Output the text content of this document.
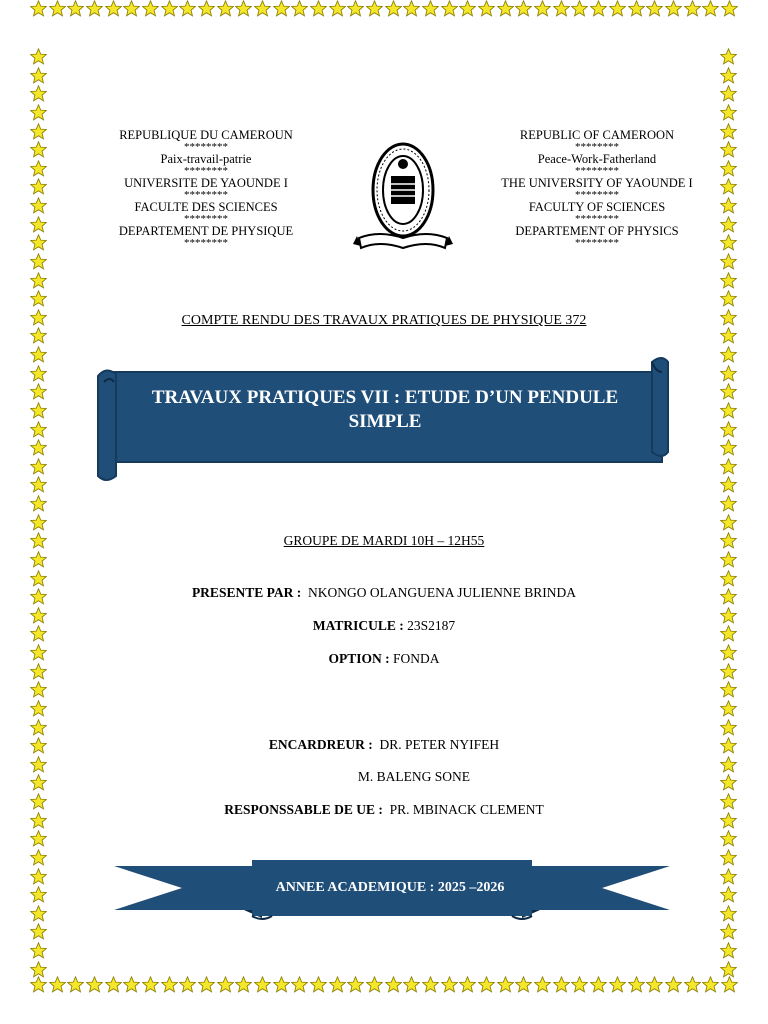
REPUBLIQUE DU CAMEROUN
********
Paix-travail-patrie
********
UNIVERSITE DE YAOUNDE I
********
FACULTE DES SCIENCES
********
DEPARTEMENT DE PHYSIQUE
********
REPUBLIC OF CAMEROON
********
Peace-Work-Fatherland
********
THE UNIVERSITY OF YAOUNDE I
********
FACULTY OF SCIENCES
********
DEPARTEMENT OF PHYSICS
********
COMPTE RENDU DES TRAVAUX PRATIQUES DE PHYSIQUE 372
TRAVAUX PRATIQUES VII : ETUDE D’UN PENDULE SIMPLE
GROUPE DE MARDI 10H – 12H55
PRESENTE PAR : NKONGO OLANGUENA JULIENNE BRINDA
MATRICULE : 23S2187
OPTION : FONDA
ENCARDREUR : DR. PETER NYIFEH
M. BALENG SONE
RESPONSSABLE DE UE : PR. MBINACK CLEMENT
ANNEE ACADEMIQUE : 2025 –2026
